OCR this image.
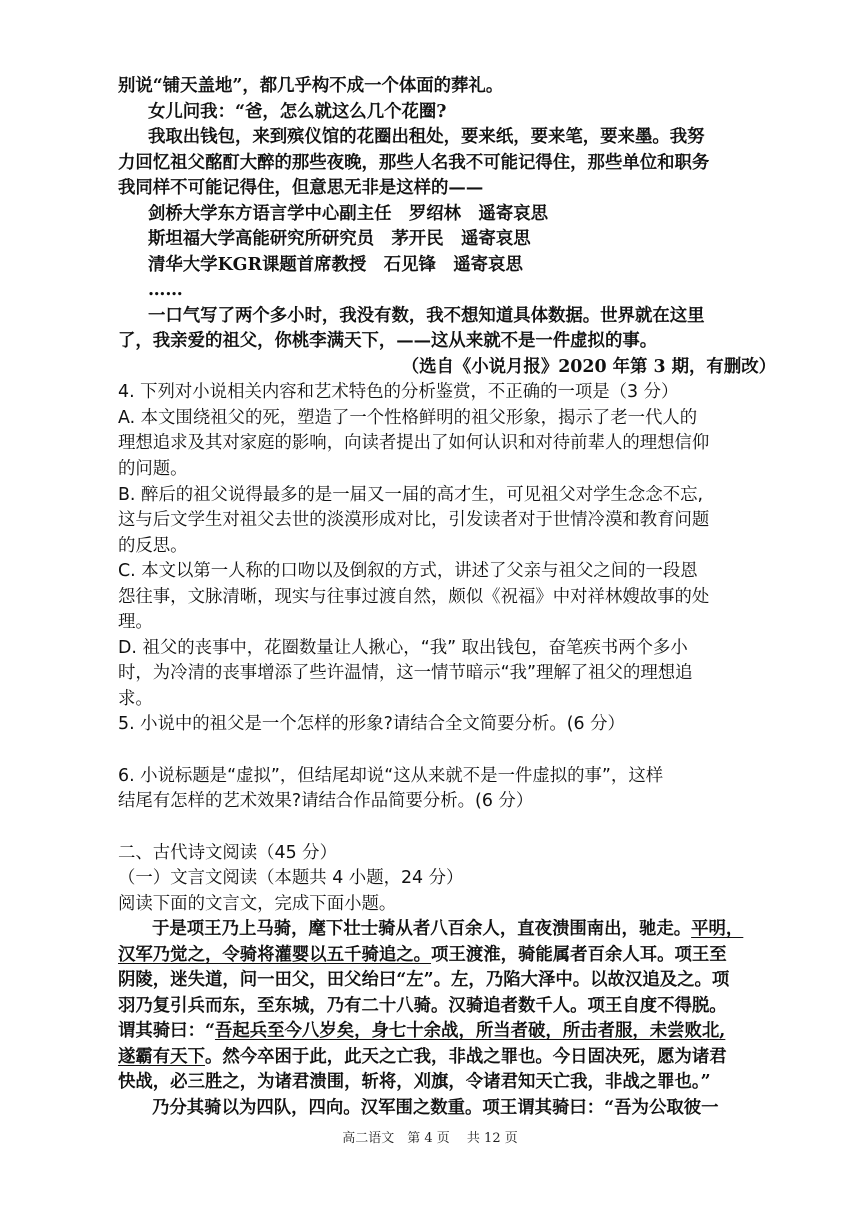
别说“铺天盖地”，都几乎构不成一个体面的葬礼。
女儿问我：“爸，怎么就这么几个花圈?
我取出钱包，来到殡仪馆的花圈出租处，要来纸，要来笔，要来墨。我努
力回忆祖父酩酊大醉的那些夜晚，那些人名我不可能记得住，那些单位和职务
我同样不可能记得住，但意思无非是这样的——
剑桥大学东方语言学中心副主任　罗绍林　遥寄哀思
斯坦福大学高能研究所研究员　茅开民　遥寄哀思
清华大学KGR课题首席教授　石见锋　遥寄哀思
……
一口气写了两个多小时，我没有数，我不想知道具体数据。世界就在这里
了，我亲爱的祖父，你桃李满天下，——这从来就不是一件虚拟的事。
（选自《小说月报》2020 年第 3 期，有删改）
4. 下列对小说相关内容和艺术特色的分析鉴赏，不正确的一项是（3 分）
A. 本文围绕祖父的死，塑造了一个性格鲜明的祖父形象，揭示了老一代人的
理想追求及其对家庭的影响，向读者提出了如何认识和对待前辈人的理想信仰
的问题。
B. 醉后的祖父说得最多的是一届又一届的高才生，可见祖父对学生念念不忘,
这与后文学生对祖父去世的淡漠形成对比，引发读者对于世情冷漠和教育问题
的反思。
C. 本文以第一人称的口吻以及倒叙的方式，讲述了父亲与祖父之间的一段恩
怨往事，文脉清晰，现实与往事过渡自然，颇似《祝福》中对祥林嫂故事的处
理。
D. 祖父的丧事中，花圈数量让人揪心，“我” 取出钱包，奋笔疾书两个多小
时，为冷清的丧事增添了些许温情，这一情节暗示“我”理解了祖父的理想追
求。
5. 小说中的祖父是一个怎样的形象?请结合全文简要分析。(6 分）
6. 小说标题是“虚拟”，但结尾却说“这从来就不是一件虚拟的事”，这样
结尾有怎样的艺术效果?请结合作品简要分析。(6 分）
二、古代诗文阅读（45 分）
（一）文言文阅读（本题共 4 小题，24 分）
阅读下面的文言文，完成下面小题。
于是项王乃上马骑，麾下壮士骑从者八百余人，直夜溃围南出，驰走。平明，
汉军乃觉之，令骑将灌婴以五千骑追之。项王渡淮，骑能属者百余人耳。项王至
阴陵，迷失道，问一田父，田父绐曰“左”。左，乃陷大泽中。以故汉追及之。项
羽乃复引兵而东，至东城，乃有二十八骑。汉骑追者数千人。项王自度不得脱。
谓其骑曰：“吾起兵至今八岁矣，身七十余战，所当者破，所击者服，未尝败北,
遂霸有天下。然今卒困于此，此天之亡我，非战之罪也。今日固决死，愿为诸君
快战，必三胜之，为诸君溃围，斩将，刈旗，令诸君知天亡我，非战之罪也。”
乃分其骑以为四队，四向。汉军围之数重。项王谓其骑曰：“吾为公取彼一
高二语文　第 4 页　 共 12 页
